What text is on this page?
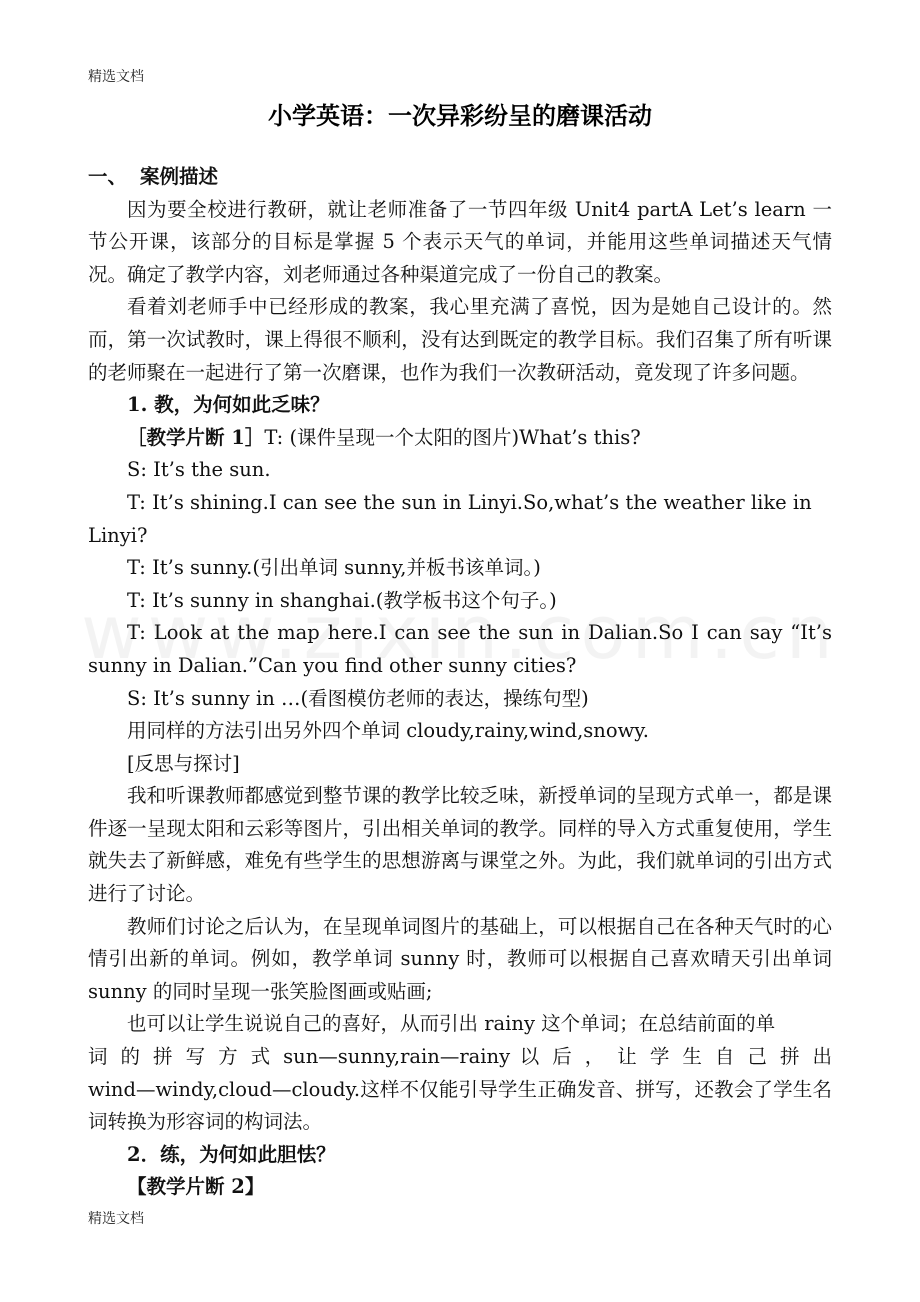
精选文档
小学英语：一次异彩纷呈的磨课活动

一、 案例描述

因为要全校进行教研，就让老师准备了一节四年级 Unit4 partA Let’s learn 一节公开课，该部分的目标是掌握 5 个表示天气的单词，并能用这些单词描述天气情况。确定了教学内容，刘老师通过各种渠道完成了一份自己的教案。

看着刘老师手中已经形成的教案，我心里充满了喜悦，因为是她自己设计的。然而，第一次试教时，课上得很不顺利，没有达到既定的教学目标。我们召集了所有听课的老师聚在一起进行了第一次磨课，也作为我们一次教研活动，竟发现了许多问题。

1. 教，为何如此乏味？

［教学片断 1］T: (课件呈现一个太阳的图片)What’s this?

S: It’s the sun.

T: It’s shining.I can see the sun in Linyi.So,what’s the weather like in Linyi?

T: It’s sunny.(引出单词 sunny,并板书该单词。)

T: It’s sunny in shanghai.(教学板书这个句子。)

T: Look at the map here.I can see the sun in Dalian.So I can say “It’s sunny in Dalian.”Can you find other sunny cities?

S: It’s sunny in …(看图模仿老师的表达，操练句型)

用同样的方法引出另外四个单词 cloudy,rainy,wind,snowy.

[反思与探讨]

我和听课教师都感觉到整节课的教学比较乏味，新授单词的呈现方式单一，都是课件逐一呈现太阳和云彩等图片，引出相关单词的教学。同样的导入方式重复使用，学生就失去了新鲜感，难免有些学生的思想游离与课堂之外。为此，我们就单词的引出方式进行了讨论。

教师们讨论之后认为，在呈现单词图片的基础上，可以根据自己在各种天气时的心情引出新的单词。例如，教学单词 sunny 时，教师可以根据自己喜欢晴天引出单词 sunny 的同时呈现一张笑脸图画或贴画;

也可以让学生说说自己的喜好，从而引出 rainy 这个单词；在总结前面的单

词 的 拼 写 方 式 sun—sunny,rain—rainy 以 后 ， 让 学 生 自 己 拼 出

wind—windy,cloud—cloudy.这样不仅能引导学生正确发音、拼写，还教会了学生名词转换为形容词的构词法。

2．练，为何如此胆怯？

【教学片断 2】

精选文档
